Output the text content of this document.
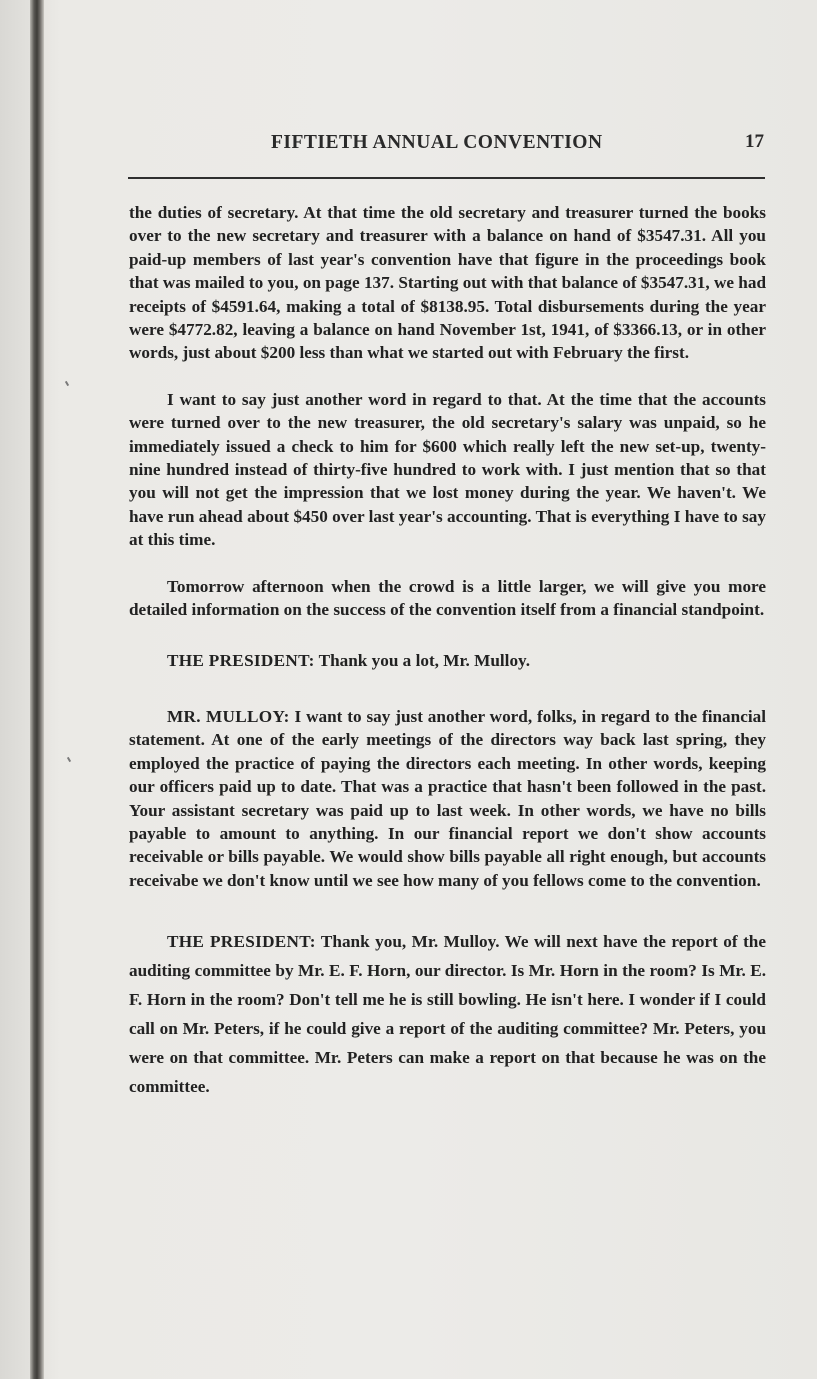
FIFTIETH ANNUAL CONVENTION	17

the duties of secretary. At that time the old secretary and treasurer turned the books over to the new secretary and treasurer with a balance on hand of $3547.31. All you paid-up members of last year's convention have that figure in the proceedings book that was mailed to you, on page 137. Starting out with that balance of $3547.31, we had receipts of $4591.64, making a total of $8138.95. Total disbursements during the year were $4772.82, leaving a balance on hand November 1st, 1941, of $3366.13, or in other words, just about $200 less than what we started out with February the first.

I want to say just another word in regard to that. At the time that the accounts were turned over to the new treasurer, the old secretary's salary was unpaid, so he immediately issued a check to him for $600 which really left the new set-up, twenty-nine hundred instead of thirty-five hundred to work with. I just mention that so that you will not get the impression that we lost money during the year. We haven't. We have run ahead about $450 over last year's accounting. That is everything I have to say at this time.

Tomorrow afternoon when the crowd is a little larger, we will give you more detailed information on the success of the convention itself from a financial standpoint.

THE PRESIDENT: Thank you a lot, Mr. Mulloy.

MR. MULLOY: I want to say just another word, folks, in regard to the financial statement. At one of the early meetings of the directors way back last spring, they employed the practice of paying the directors each meeting. In other words, keeping our officers paid up to date. That was a practice that hasn't been followed in the past. Your assistant secretary was paid up to last week. In other words, we have no bills payable to amount to anything. In our financial report we don't show accounts receivable or bills payable. We would show bills payable all right enough, but accounts receivabe we don't know until we see how many of you fellows come to the convention.

THE PRESIDENT: Thank you, Mr. Mulloy. We will next have the report of the auditing committee by Mr. E. F. Horn, our director. Is Mr. Horn in the room? Is Mr. E. F. Horn in the room? Don't tell me he is still bowling. He isn't here. I wonder if I could call on Mr. Peters, if he could give a report of the auditing committee? Mr. Peters, you were on that committee. Mr. Peters can make a report on that because he was on the committee.
